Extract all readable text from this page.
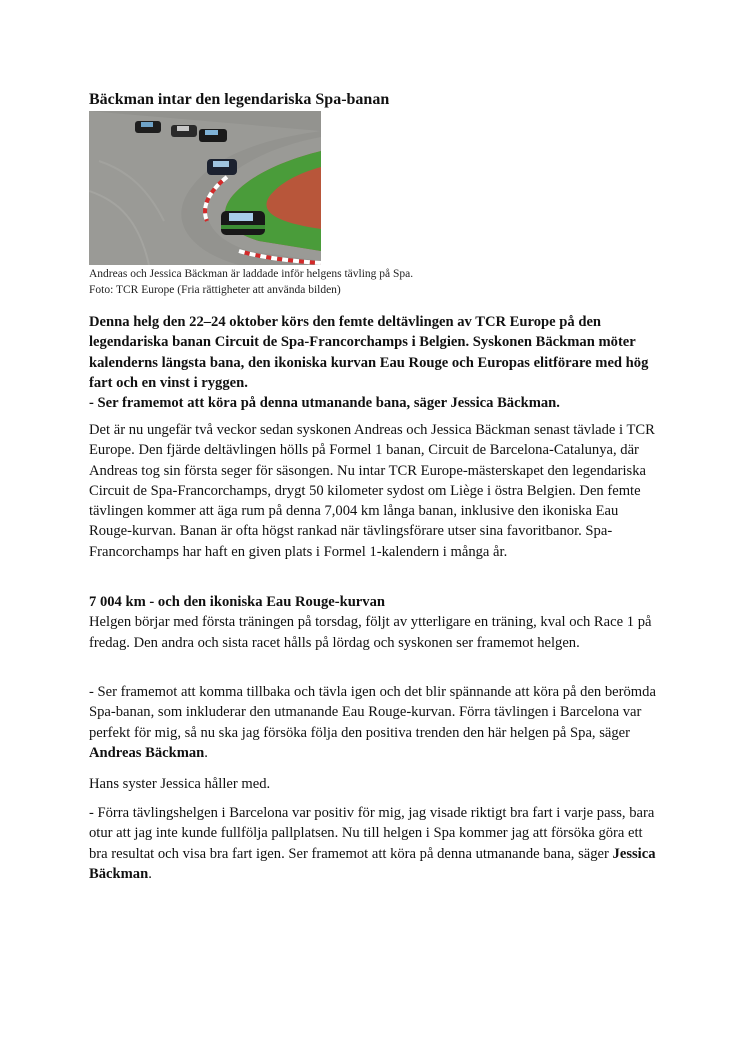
Bäckman intar den legendariska Spa-banan
Andreas och Jessica Bäckman är laddade inför helgens tävling på Spa.
Foto: TCR Europe (Fria rättigheter att använda bilden)

Denna helg den 22–24 oktober körs den femte deltävlingen av TCR Europe på den legendariska banan Circuit de Spa-Francorchamps i Belgien. Syskonen Bäckman möter kalenderns längsta bana, den ikoniska kurvan Eau Rouge och Europas elitförare med hög fart och en vinst i ryggen.

- Ser framemot att köra på denna utmanande bana, säger Jessica Bäckman.

Det är nu ungefär två veckor sedan syskonen Andreas och Jessica Bäckman senast tävlade i TCR Europe. Den fjärde deltävlingen hölls på Formel 1 banan, Circuit de Barcelona-Catalunya, där Andreas tog sin första seger för säsongen. Nu intar TCR Europe-mästerskapet den legendariska Circuit de Spa-Francorchamps, drygt 50 kilometer sydost om Liège i östra Belgien. Den femte tävlingen kommer att äga rum på denna 7,004 km långa banan, inklusive den ikoniska Eau Rouge-kurvan. Banan är ofta högst rankad när tävlingsförare utser sina favoritbanor. Spa-Francorchamps har haft en given plats i Formel 1-kalendern i många år.

7 004 km - och den ikoniska Eau Rouge-kurvan

Helgen börjar med första träningen på torsdag, följt av ytterligare en träning, kval och Race 1 på fredag. Den andra och sista racet hålls på lördag och syskonen ser framemot helgen.

- Ser framemot att komma tillbaka och tävla igen och det blir spännande att köra på den berömda Spa-banan, som inkluderar den utmanande Eau Rouge-kurvan. Förra tävlingen i Barcelona var perfekt för mig, så nu ska jag försöka följa den positiva trenden den här helgen på Spa, säger Andreas Bäckman.

Hans syster Jessica håller med.

- Förra tävlingshelgen i Barcelona var positiv för mig, jag visade riktigt bra fart i varje pass, bara otur att jag inte kunde fullfölja pallplatsen. Nu till helgen i Spa kommer jag att försöka göra ett bra resultat och visa bra fart igen. Ser framemot att köra på denna utmanande bana, säger Jessica Bäckman.
